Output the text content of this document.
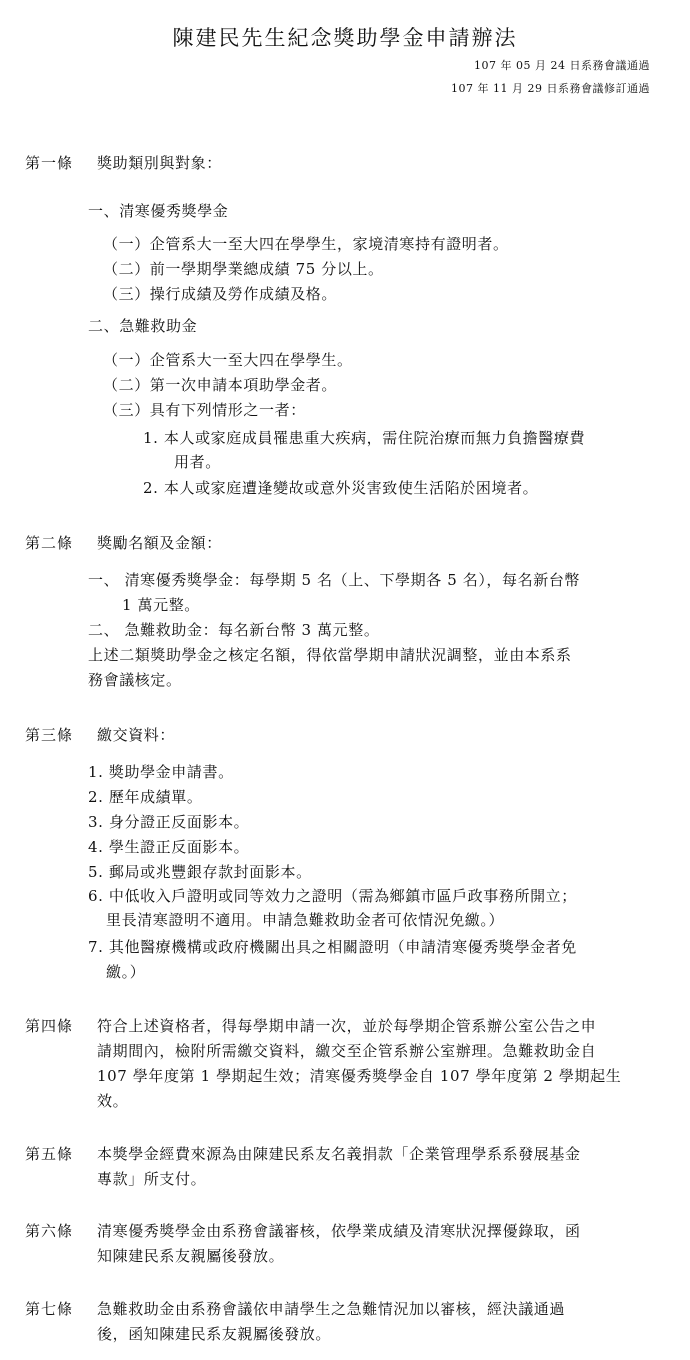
陳建民先生紀念獎助學金申請辦法
107 年 05 月 24 日系務會議通過
107 年 11 月 29 日系務會議修訂通過
第一條 獎助類別與對象：
一、清寒優秀獎學金
（一）企管系大一至大四在學學生，家境清寒持有證明者。
（二）前一學期學業總成績 75 分以上。
（三）操行成績及勞作成績及格。
二、急難救助金
（一）企管系大一至大四在學學生。
（二）第一次申請本項助學金者。
（三）具有下列情形之一者：
1. 本人或家庭成員罹患重大疾病，需住院治療而無力負擔醫療費
用者。
2. 本人或家庭遭逢變故或意外災害致使生活陷於困境者。
第二條 獎勵名額及金額：
一、 清寒優秀獎學金：每學期 5 名（上、下學期各 5 名），每名新台幣
1 萬元整。
二、 急難救助金：每名新台幣 3 萬元整。
上述二類獎助學金之核定名額，得依當學期申請狀況調整，並由本系系
務會議核定。
第三條 繳交資料：
1. 獎助學金申請書。
2. 歷年成績單。
3. 身分證正反面影本。
4. 學生證正反面影本。
5. 郵局或兆豐銀存款封面影本。
6. 中低收入戶證明或同等效力之證明（需為鄉鎮市區戶政事務所開立；
里長清寒證明不適用。申請急難救助金者可依情況免繳。）
7. 其他醫療機構或政府機關出具之相關證明（申請清寒優秀獎學金者免
繳。）
第四條 符合上述資格者，得每學期申請一次，並於每學期企管系辦公室公告之申
請期間內，檢附所需繳交資料，繳交至企管系辦公室辦理。急難救助金自
107 學年度第 1 學期起生效；清寒優秀獎學金自 107 學年度第 2 學期起生
效。
第五條 本獎學金經費來源為由陳建民系友名義捐款「企業管理學系系發展基金
專款」所支付。
第六條 清寒優秀獎學金由系務會議審核，依學業成績及清寒狀況擇優錄取，函
知陳建民系友親屬後發放。
第七條 急難救助金由系務會議依申請學生之急難情況加以審核，經決議通過
後，函知陳建民系友親屬後發放。
